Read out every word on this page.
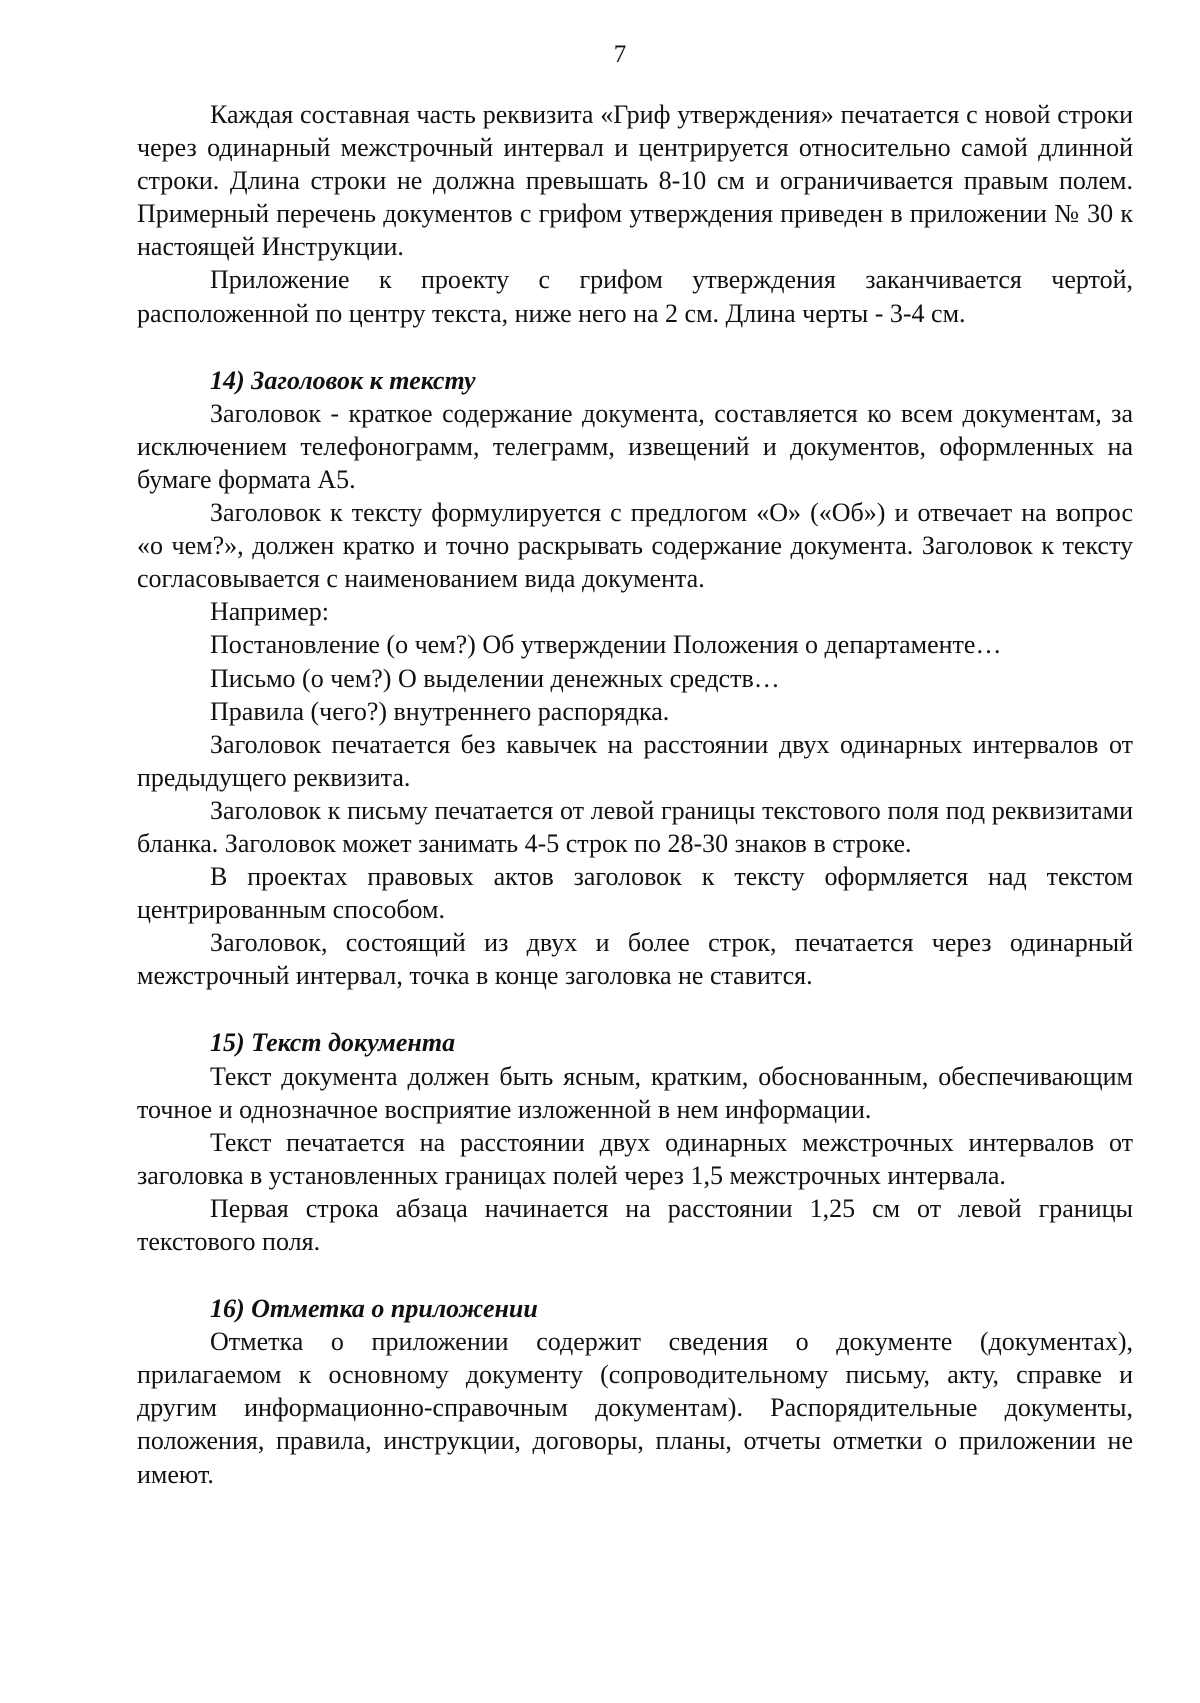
7

Каждая составная часть реквизита «Гриф утверждения» печатается с новой строки через одинарный межстрочный интервал и центрируется относительно самой длинной строки. Длина строки не должна превышать 8-10 см и ограничивается правым полем. Примерный перечень документов с грифом утверждения приведен в приложении № 30 к настоящей Инструкции.

Приложение к проекту с грифом утверждения заканчивается чертой, расположенной по центру текста, ниже него на 2 см. Длина черты - 3-4 см.

14) Заголовок к тексту

Заголовок - краткое содержание документа, составляется ко всем документам, за исключением телефонограмм, телеграмм, извещений и документов, оформленных на бумаге формата А5.

Заголовок к тексту формулируется с предлогом «О» («Об») и отвечает на вопрос «о чем?», должен кратко и точно раскрывать содержание документа. Заголовок к тексту согласовывается с наименованием вида документа.

Например:

Постановление (о чем?) Об утверждении Положения о департаменте…

Письмо (о чем?) О выделении денежных средств…

Правила (чего?) внутреннего распорядка.

Заголовок печатается без кавычек на расстоянии двух одинарных интервалов от предыдущего реквизита.

Заголовок к письму печатается от левой границы текстового поля под реквизитами бланка. Заголовок может занимать 4-5 строк по 28-30 знаков в строке.

В проектах правовых актов заголовок к тексту оформляется над текстом центрированным способом.

Заголовок, состоящий из двух и более строк, печатается через одинарный межстрочный интервал, точка в конце заголовка не ставится.

15) Текст документа

Текст документа должен быть ясным, кратким, обоснованным, обеспечивающим точное и однозначное восприятие изложенной в нем информации.

Текст печатается на расстоянии двух одинарных межстрочных интервалов от заголовка в установленных границах полей через 1,5 межстрочных интервала.

Первая строка абзаца начинается на расстоянии 1,25 см от левой границы текстового поля.

16) Отметка о приложении

Отметка о приложении содержит сведения о документе (документах), прилагаемом к основному документу (сопроводительному письму, акту, справке и другим информационно-справочным документам). Распорядительные документы, положения, правила, инструкции, договоры, планы, отчеты отметки о приложении не имеют.
